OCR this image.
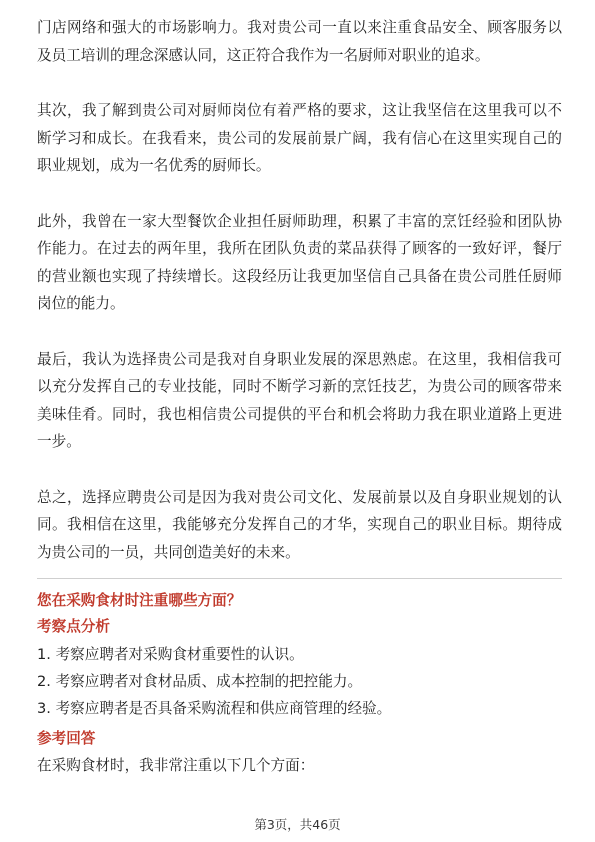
门店网络和强大的市场影响力。我对贵公司一直以来注重食品安全、顾客服务以及员工培训的理念深感认同，这正符合我作为一名厨师对职业的追求。

其次，我了解到贵公司对厨师岗位有着严格的要求，这让我坚信在这里我可以不断学习和成长。在我看来，贵公司的发展前景广阔，我有信心在这里实现自己的职业规划，成为一名优秀的厨师长。

此外，我曾在一家大型餐饮企业担任厨师助理，积累了丰富的烹饪经验和团队协作能力。在过去的两年里，我所在团队负责的菜品获得了顾客的一致好评，餐厅的营业额也实现了持续增长。这段经历让我更加坚信自己具备在贵公司胜任厨师岗位的能力。

最后，我认为选择贵公司是我对自身职业发展的深思熟虑。在这里，我相信我可以充分发挥自己的专业技能，同时不断学习新的烹饪技艺，为贵公司的顾客带来美味佳肴。同时，我也相信贵公司提供的平台和机会将助力我在职业道路上更进一步。

总之，选择应聘贵公司是因为我对贵公司文化、发展前景以及自身职业规划的认同。我相信在这里，我能够充分发挥自己的才华，实现自己的职业目标。期待成为贵公司的一员，共同创造美好的未来。

您在采购食材时注重哪些方面？
考察点分析
1. 考察应聘者对采购食材重要性的认识。
2. 考察应聘者对食材品质、成本控制的把控能力。
3. 考察应聘者是否具备采购流程和供应商管理的经验。
参考回答

在采购食材时，我非常注重以下几个方面：

第3页，共46页
